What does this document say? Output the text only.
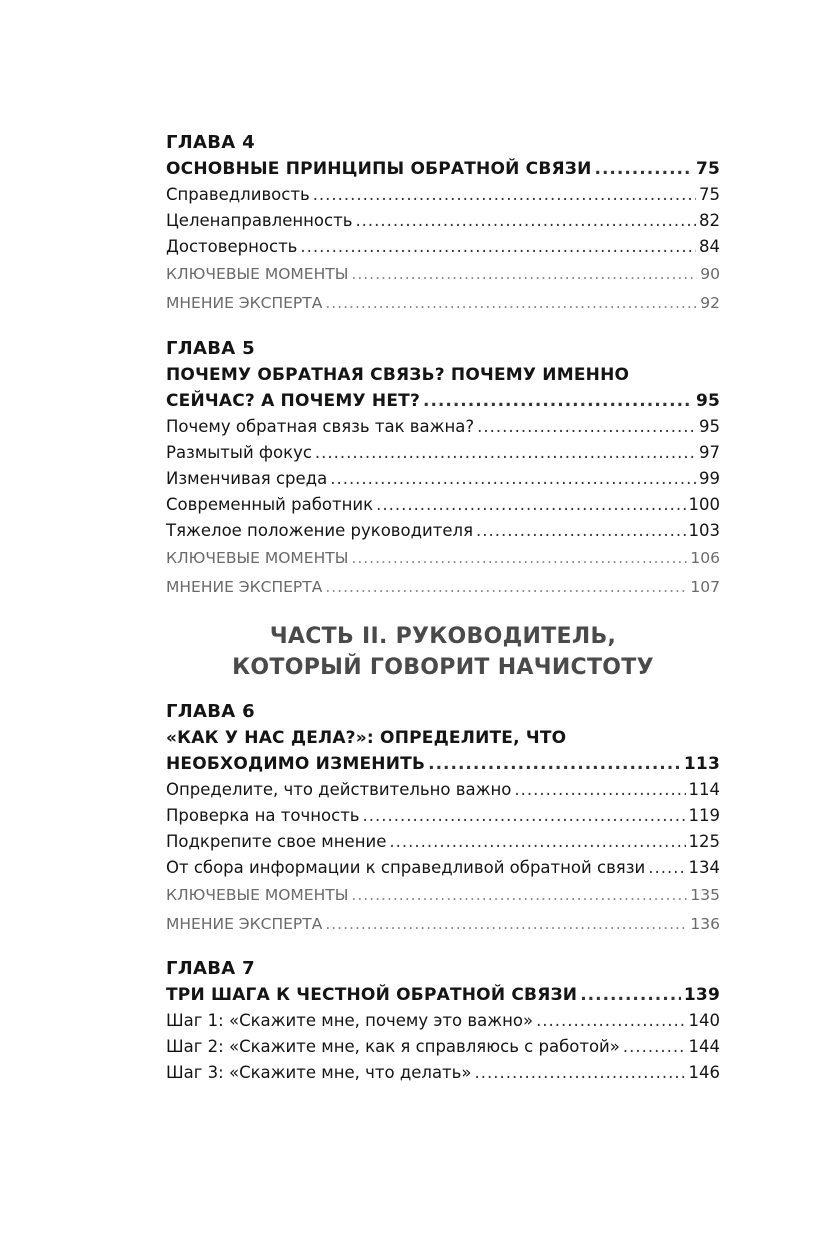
ГЛАВА 4
ОСНОВНЫЕ ПРИНЦИПЫ ОБРАТНОЙ СВЯЗИ .....	75
Справедливость .....	75
Целенаправленность .....	82
Достоверность .....	84
КЛЮЧЕВЫЕ МОМЕНТЫ .....	90
МНЕНИЕ ЭКСПЕРТА .....	92
ГЛАВА 5
ПОЧЕМУ ОБРАТНАЯ СВЯЗЬ? ПОЧЕМУ ИМЕННО
СЕЙЧАС? А ПОЧЕМУ НЕТ? .....	95
Почему обратная связь так важна? .....	95
Размытый фокус .....	97
Изменчивая среда .....	99
Современный работник .....	100
Тяжелое положение руководителя .....	103
КЛЮЧЕВЫЕ МОМЕНТЫ .....	106
МНЕНИЕ ЭКСПЕРТА .....	107
ЧАСТЬ II. РУКОВОДИТЕЛЬ,
КОТОРЫЙ ГОВОРИТ НАЧИСТОТУ
ГЛАВА 6
«КАК У НАС ДЕЛА?»: ОПРЕДЕЛИТЕ, ЧТО
НЕОБХОДИМО ИЗМЕНИТЬ .....	113
Определите, что действительно важно .....	114
Проверка на точность .....	119
Подкрепите свое мнение .....	125
От сбора информации к справедливой обратной связи .....	134
КЛЮЧЕВЫЕ МОМЕНТЫ .....	135
МНЕНИЕ ЭКСПЕРТА .....	136
ГЛАВА 7
ТРИ ШАГА К ЧЕСТНОЙ ОБРАТНОЙ СВЯЗИ .....	139
Шаг 1: «Скажите мне, почему это важно» .....	140
Шаг 2: «Скажите мне, как я справляюсь с работой» .....	144
Шаг 3: «Скажите мне, что делать» .....	146
